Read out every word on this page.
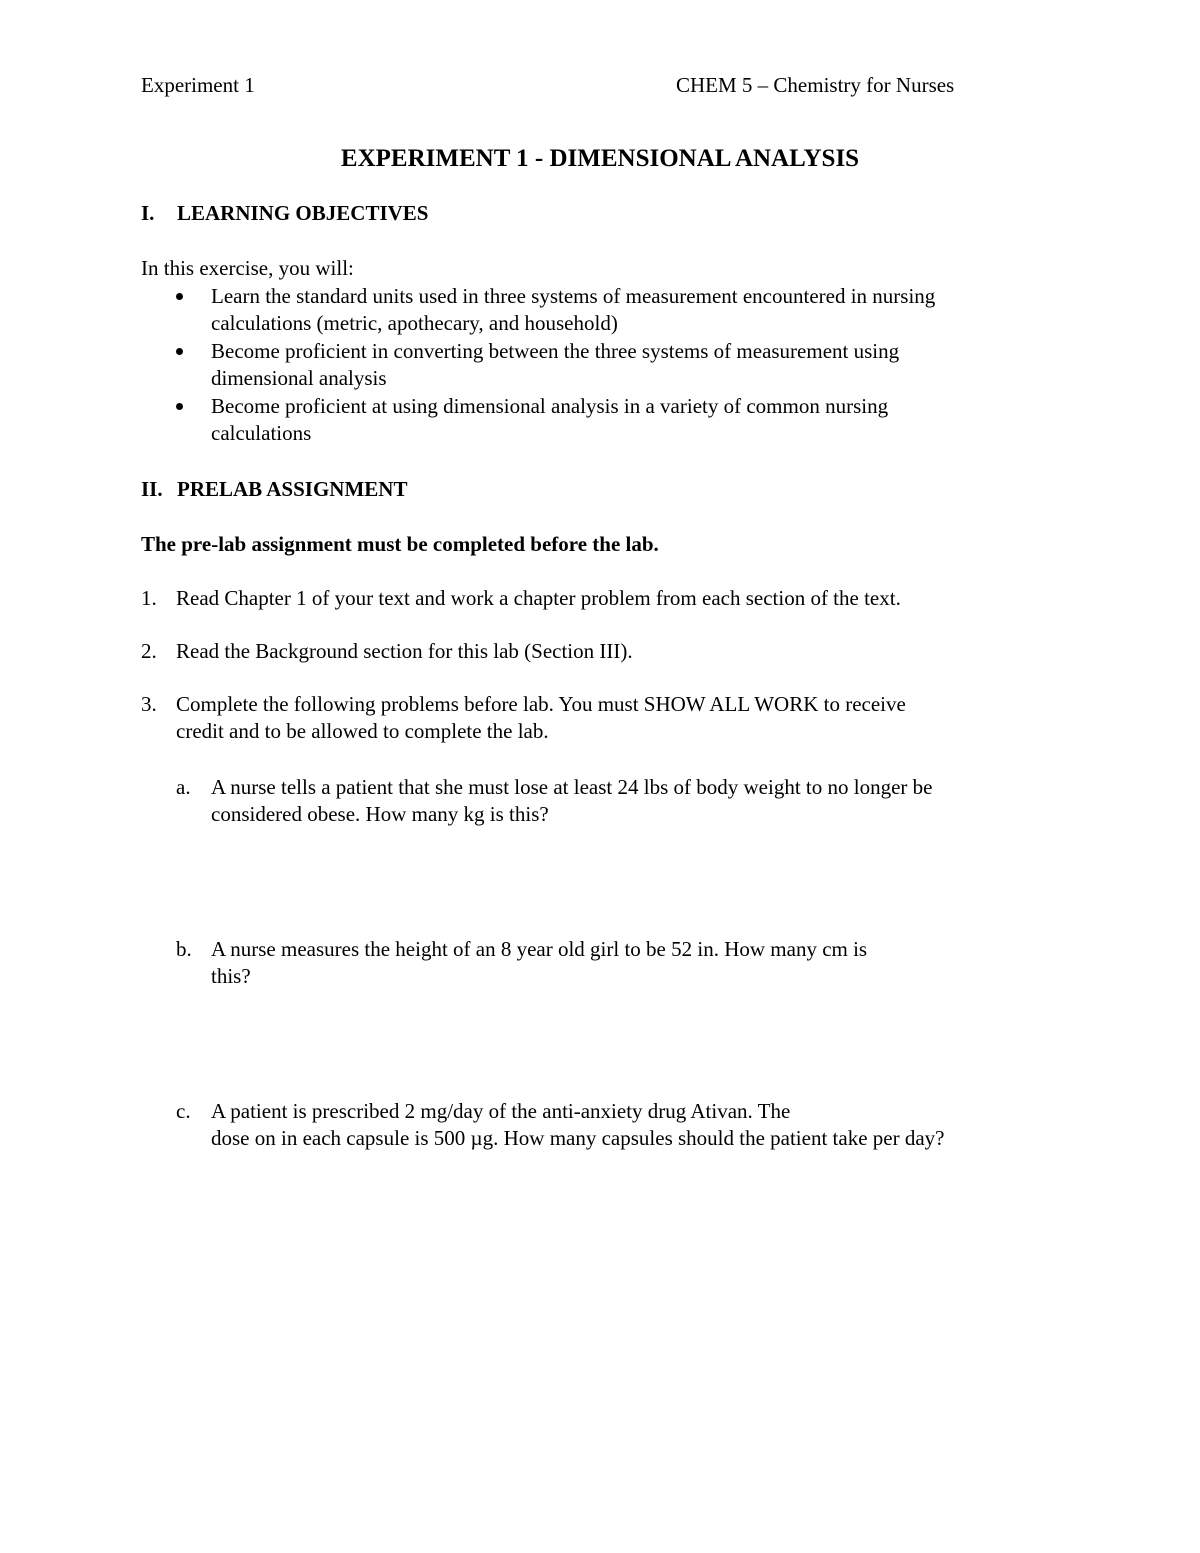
Experiment 1	CHEM 5 – Chemistry for Nurses
EXPERIMENT 1 - DIMENSIONAL ANALYSIS
I. LEARNING OBJECTIVES
In this exercise, you will:
Learn the standard units used in three systems of measurement encountered in nursing
calculations (metric, apothecary, and household)
Become proficient in converting between the three systems of measurement using
dimensional analysis
Become proficient at using dimensional analysis in a variety of common nursing
calculations
II. PRELAB ASSIGNMENT
The pre-lab assignment must be completed before the lab.
1. Read Chapter 1 of your text and work a chapter problem from each section of the text.
2. Read the Background section for this lab (Section III).
3. Complete the following problems before lab. You must SHOW ALL WORK to receive
credit and to be allowed to complete the lab.
a. A nurse tells a patient that she must lose at least 24 lbs of body weight to no longer be
considered obese. How many kg is this?
b. A nurse measures the height of an 8 year old girl to be 52 in. How many cm is
this?
c. A patient is prescribed 2 mg/day of the anti-anxiety drug Ativan. The
dose on in each capsule is 500 µg. How many capsules should the patient take per day?
